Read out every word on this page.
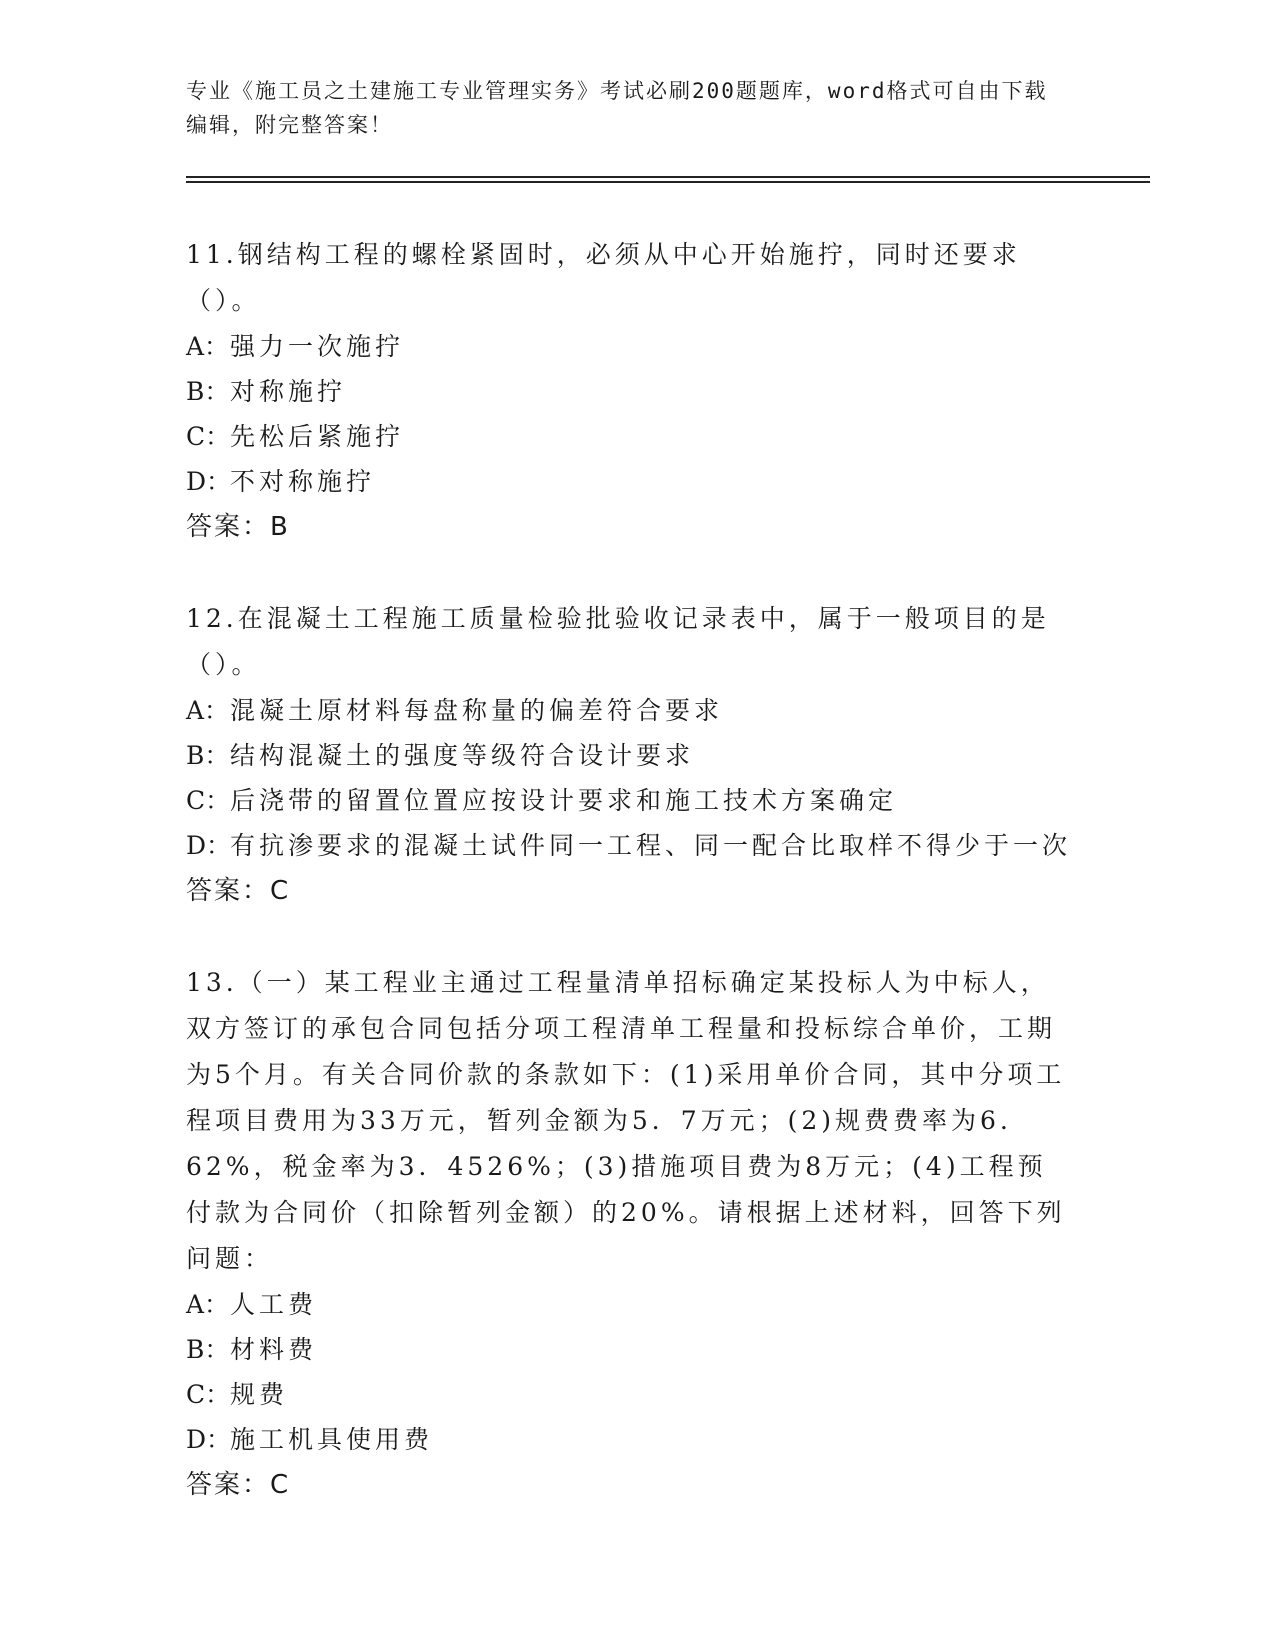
专业《施工员之土建施工专业管理实务》考试必刷200题题库，word格式可自由下载编辑，附完整答案！

11.钢结构工程的螺栓紧固时，必须从中心开始施拧，同时还要求（）。

A：强力一次施拧

B：对称施拧

C：先松后紧施拧

D：不对称施拧

答案：B

12.在混凝土工程施工质量检验批验收记录表中，属于一般项目的是（）。

A：混凝土原材料每盘称量的偏差符合要求

B：结构混凝土的强度等级符合设计要求

C：后浇带的留置位置应按设计要求和施工技术方案确定

D：有抗渗要求的混凝土试件同一工程、同一配合比取样不得少于一次

答案：C

13.（一）某工程业主通过工程量清单招标确定某投标人为中标人，双方签订的承包合同包括分项工程清单工程量和投标综合单价，工期为5个月。有关合同价款的条款如下：(1)采用单价合同，其中分项工程项目费用为33万元，暂列金额为5．7万元；(2)规费费率为6．62%，税金率为3．4526%；(3)措施项目费为8万元；(4)工程预付款为合同价（扣除暂列金额）的20%。请根据上述材料，回答下列问题：

A：人工费

B：材料费

C：规费

D：施工机具使用费

答案：C
